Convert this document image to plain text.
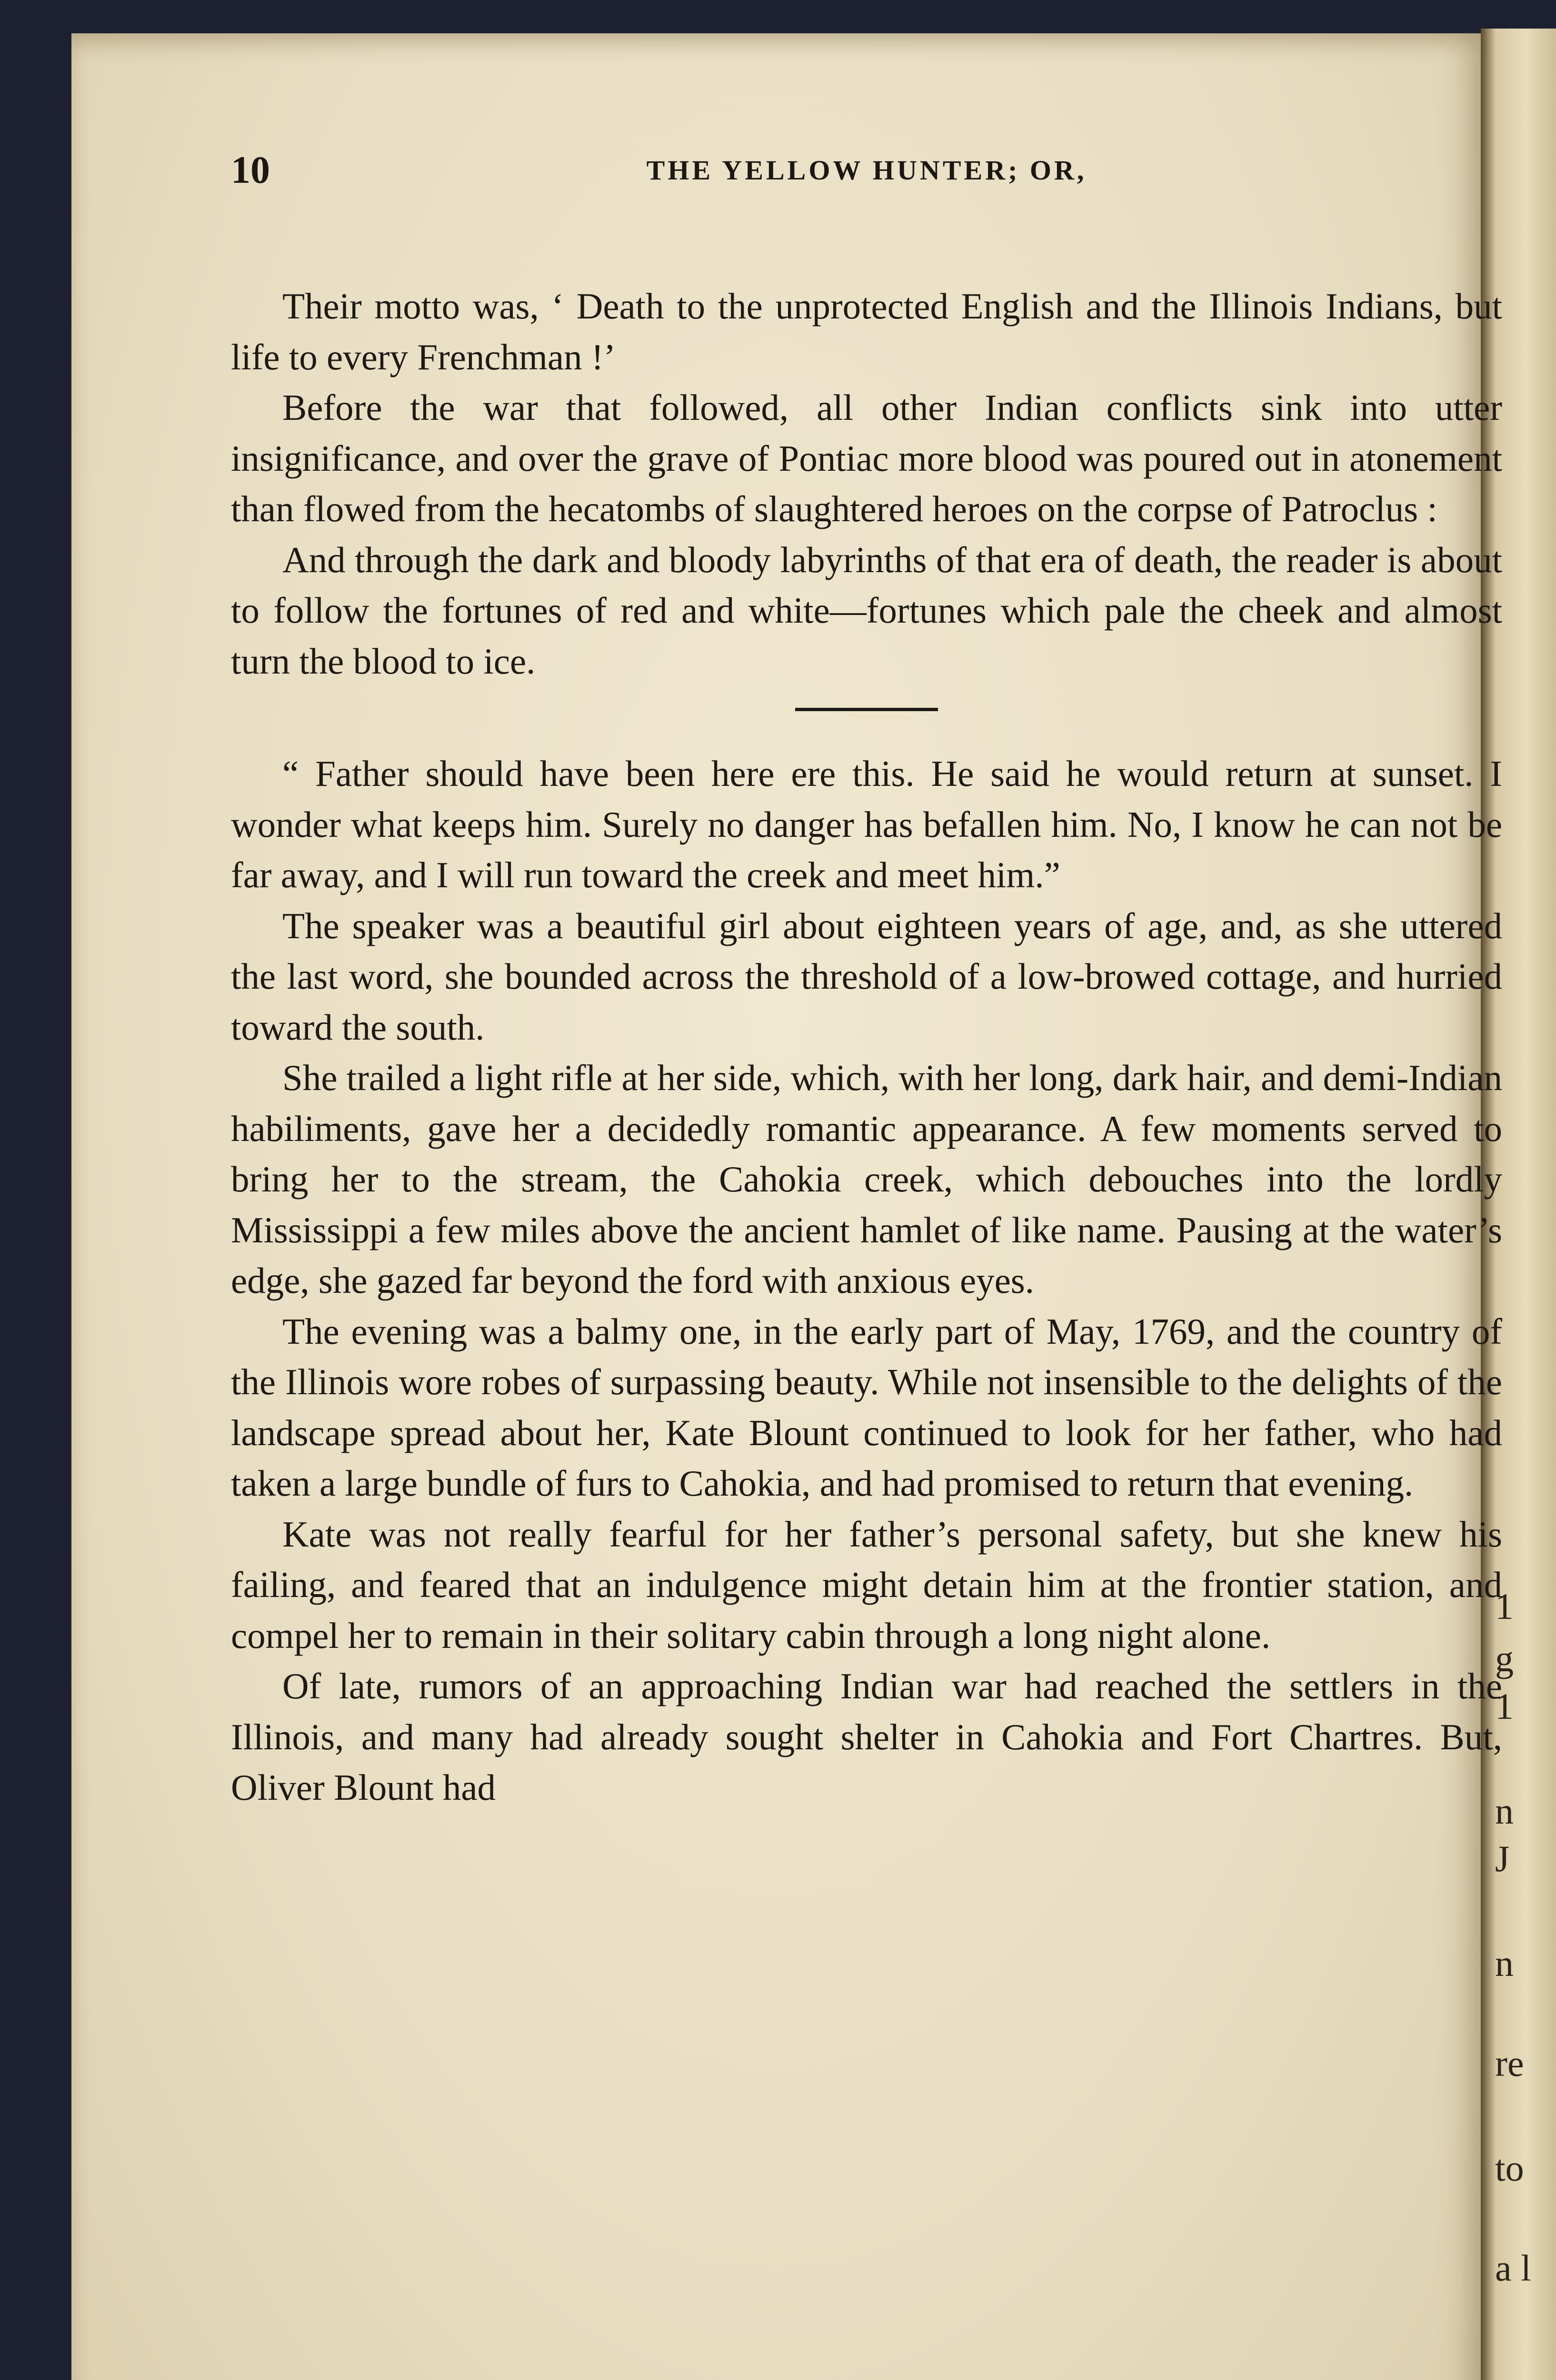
1
g
1
n
J
n
re
to
a l
10	THE YELLOW HUNTER; OR,

Their motto was, ‘ Death to the unprotected English and the Illinois Indians, but life to every Frenchman !’

Before the war that followed, all other Indian conflicts sink into utter insignificance, and over the grave of Pontiac more blood was poured out in atonement than flowed from the hecatombs of slaughtered heroes on the corpse of Patroclus :

And through the dark and bloody labyrinths of that era of death, the reader is about to follow the fortunes of red and white—fortunes which pale the cheek and almost turn the blood to ice.

“ Father should have been here ere this. He said he would return at sunset. I wonder what keeps him. Surely no danger has befallen him. No, I know he can not be far away, and I will run toward the creek and meet him.”

The speaker was a beautiful girl about eighteen years of age, and, as she uttered the last word, she bounded across the threshold of a low-browed cottage, and hurried toward the south.

She trailed a light rifle at her side, which, with her long, dark hair, and demi-Indian habiliments, gave her a decidedly romantic appearance. A few moments served to bring her to the stream, the Cahokia creek, which debouches into the lordly Mississippi a few miles above the ancient hamlet of like name. Pausing at the water’s edge, she gazed far beyond the ford with anxious eyes.

The evening was a balmy one, in the early part of May, 1769, and the country of the Illinois wore robes of surpassing beauty. While not insensible to the delights of the landscape spread about her, Kate Blount continued to look for her father, who had taken a large bundle of furs to Cahokia, and had promised to return that evening.

Kate was not really fearful for her father’s personal safety, but she knew his failing, and feared that an indulgence might detain him at the frontier station, and compel her to remain in their solitary cabin through a long night alone.

Of late, rumors of an approaching Indian war had reached the settlers in the Illinois, and many had already sought shelter in Cahokia and Fort Chartres. But, Oliver Blount had
